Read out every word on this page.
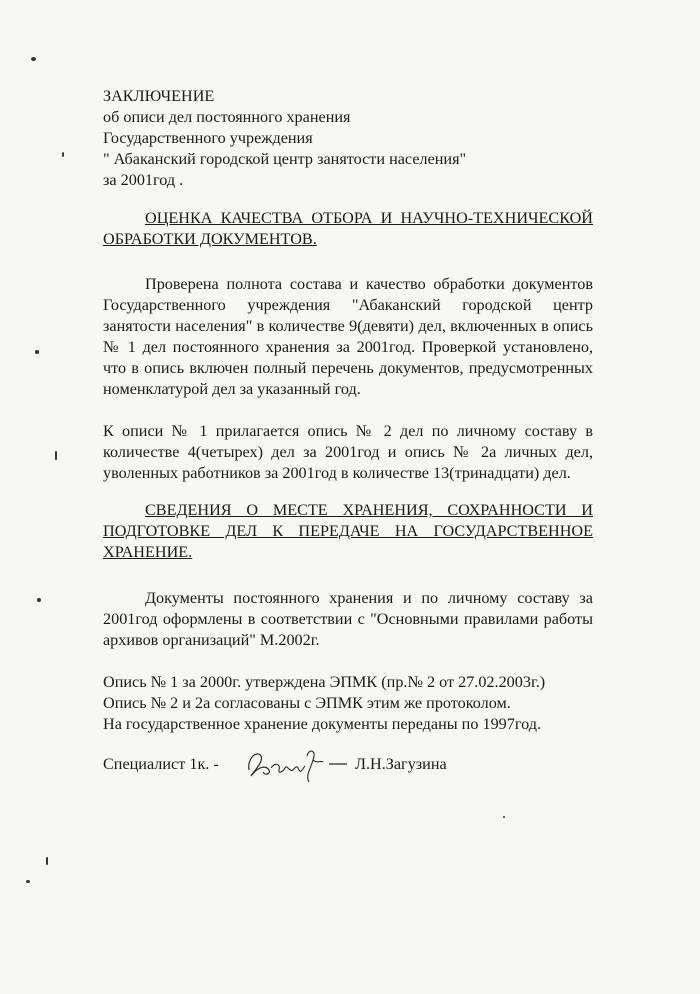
ЗАКЛЮЧЕНИЕ
об описи дел постоянного хранения
Государственного учреждения
" Абаканский городской центр занятости населения"
за 2001год .
ОЦЕНКА КАЧЕСТВА ОТБОРА И НАУЧНО-ТЕХНИЧЕСКОЙ ОБРАБОТКИ ДОКУМЕНТОВ.

Проверена полнота состава и качество обработки документов Государственного учреждения "Абаканский городской центр занятости населения" в количестве 9(девяти) дел, включенных в опись № 1 дел постоянного хранения за 2001год. Проверкой установлено, что в опись включен полный перечень документов, предусмотренных номенклатурой дел за указанный год.

К описи № 1 прилагается опись № 2 дел по личному составу в количестве 4(четырех) дел за 2001год и опись № 2а личных дел, уволенных работников за 2001год в количестве 13(тринадцати) дел.

СВЕДЕНИЯ О МЕСТЕ ХРАНЕНИЯ, СОХРАННОСТИ И ПОДГОТОВКЕ ДЕЛ К ПЕРЕДАЧЕ НА ГОСУДАРСТВЕННОЕ ХРАНЕНИЕ.

Документы постоянного хранения и по личному составу за 2001год оформлены в соответствии с "Основными правилами работы архивов организаций" М.2002г.

Опись № 1 за 2000г. утверждена ЭПМК (пр.№ 2 от 27.02.2003г.)
Опись № 2 и 2а согласованы с ЭПМК этим же протоколом.
На государственное хранение документы переданы по 1997год.
Специалист 1к. -	Л.Н.Загузина
